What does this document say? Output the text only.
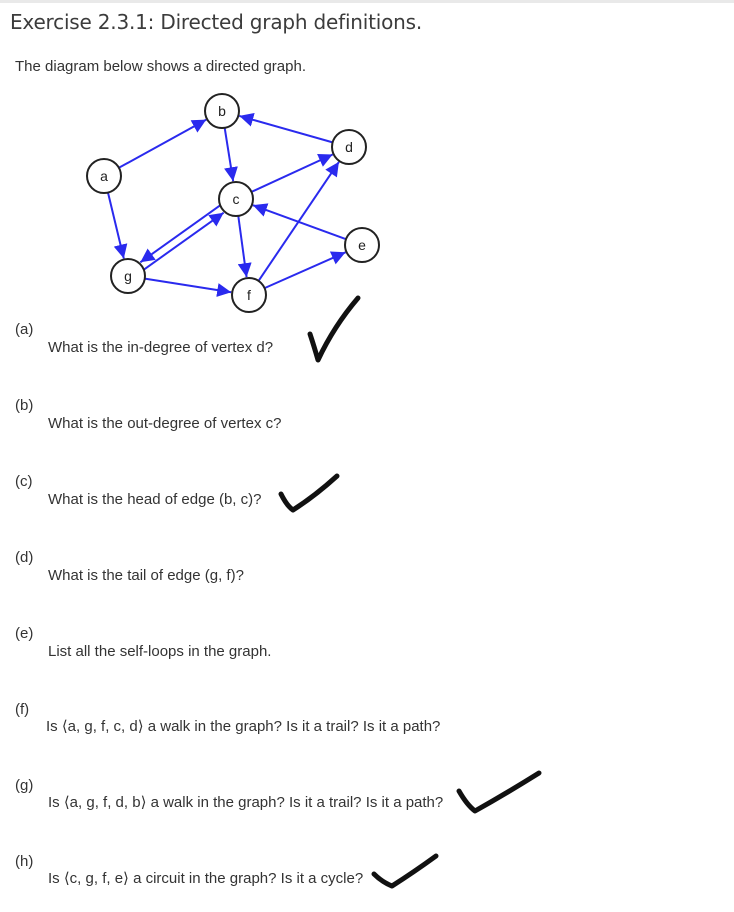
Exercise 2.3.1: Directed graph definitions.
The diagram below shows a directed graph.
a
b
c
d
e
f
g
(a)
(b)
(c)
(d)
(e)
(f)
(g)
(h)
What is the in-degree of vertex d?
What is the out-degree of vertex c?
What is the head of edge (b, c)?
What is the tail of edge (g, f)?
List all the self-loops in the graph.
Is ⟨a, g, f, c, d⟩ a walk in the graph? Is it a trail? Is it a path?
Is ⟨a, g, f, d, b⟩ a walk in the graph? Is it a trail? Is it a path?
Is ⟨c, g, f, e⟩ a circuit in the graph? Is it a cycle?
